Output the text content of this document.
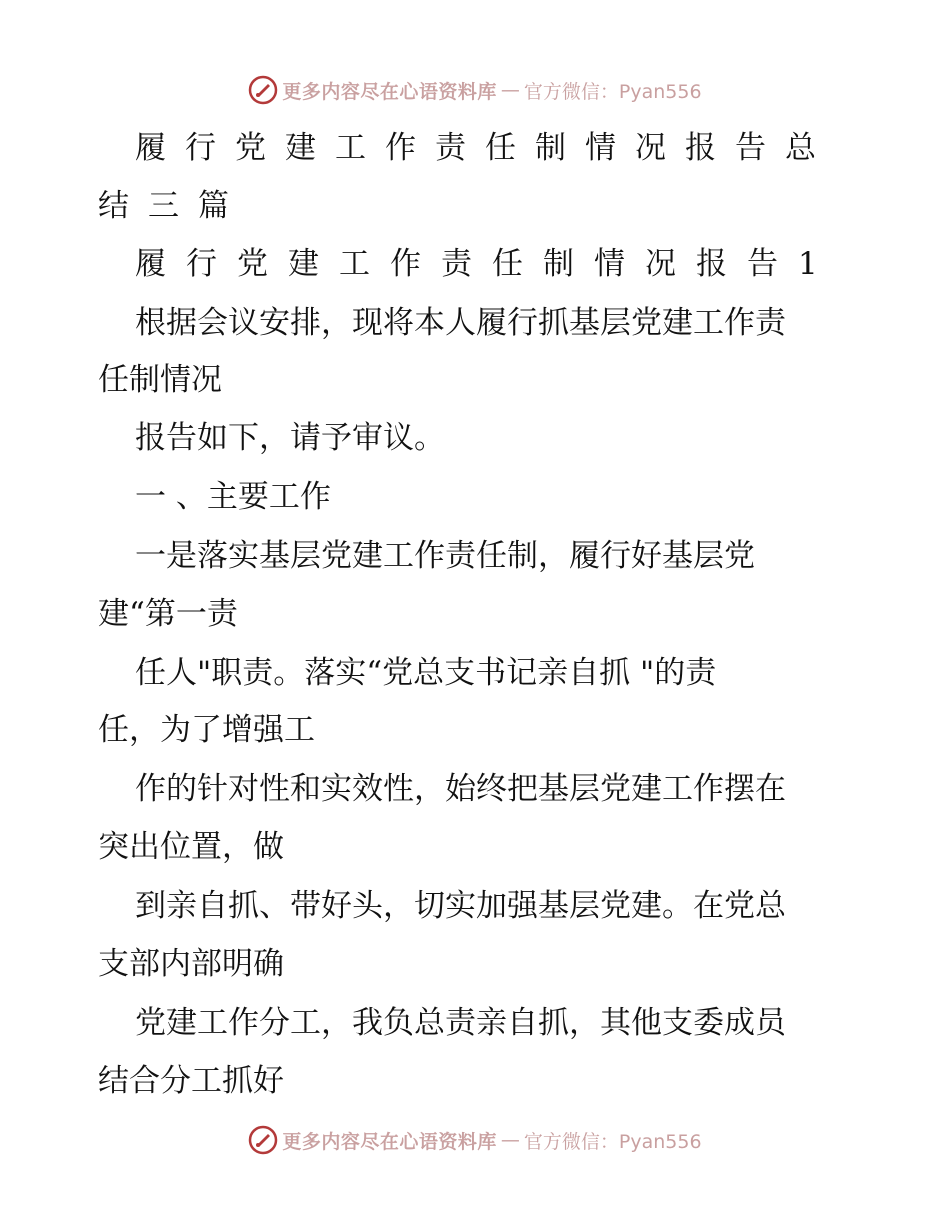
更多内容尽在心语资料库 — 官方微信：Pyan556
履行党建工作责任制情况报告总
结三篇
履行党建工作责任制情况报告1
根据会议安排，现将本人履行抓基层党建工作责
任制情况
报告如下，请予审议。
一 、主要工作
一是落实基层党建工作责任制，履行好基层党
建“第一责
任人"职责。落实“党总支书记亲自抓 "的责
任，为了增强工
作的针对性和实效性，始终把基层党建工作摆在
突出位置，做
到亲自抓、带好头，切实加强基层党建。在党总
支部内部明确
党建工作分工，我负总责亲自抓，其他支委成员
结合分工抓好
更多内容尽在心语资料库 — 官方微信：Pyan556
